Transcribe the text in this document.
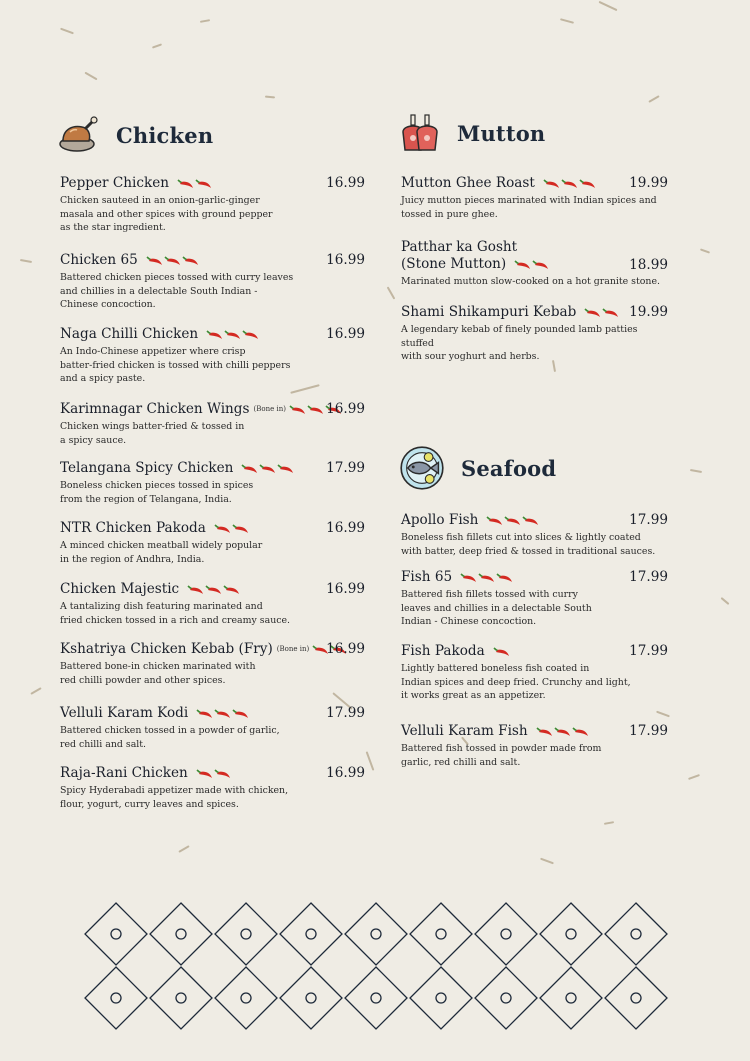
Chicken	Mutton
Seafood
Pepper Chicken	16.99
Chicken sauteed in an onion-garlic-ginger
masala and other spices with ground pepper
as the star ingredient.
Chicken 65	16.99
Battered chicken pieces tossed with curry leaves
and chillies in a delectable South Indian -
Chinese concoction.
Naga Chilli Chicken	16.99
An Indo-Chinese appetizer where crisp
batter-fried chicken is tossed with chilli peppers
and a spicy paste.
Karimnagar Chicken Wings (Bone in)	16.99
Chicken wings batter-fried & tossed in
a spicy sauce.
Telangana Spicy Chicken	17.99
Boneless chicken pieces tossed in spices
from the region of Telangana, India.
NTR Chicken Pakoda	16.99
A minced chicken meatball widely popular
in the region of Andhra, India.
Chicken Majestic	16.99
A tantalizing dish featuring marinated and
fried chicken tossed in a rich and creamy sauce.
Kshatriya Chicken Kebab (Fry) (Bone in) 16.99
Battered bone-in chicken marinated with
red chilli powder and other spices.
Velluli Karam Kodi	17.99
Battered chicken tossed in a powder of garlic,
red chilli and salt.
Raja-Rani Chicken	16.99
Spicy Hyderabadi appetizer made with chicken,
flour, yogurt, curry leaves and spices.
Mutton Ghee Roast	19.99
Juicy mutton pieces marinated with Indian spices and
tossed in pure ghee.
Patthar ka Gosht
(Stone Mutton)	18.99
Marinated mutton slow-cooked on a hot granite stone.
Shami Shikampuri Kebab	19.99
A legendary kebab of finely pounded lamb patties stuffed
with sour yoghurt and herbs.
Apollo Fish	17.99
Boneless fish fillets cut into slices & lightly coated
with batter, deep fried & tossed in traditional sauces.
Fish 65	17.99
Battered fish fillets tossed with curry
leaves and chillies in a delectable South
Indian - Chinese concoction.
Fish Pakoda	17.99
Lightly battered boneless fish coated in
Indian spices and deep fried. Crunchy and light,
it works great as an appetizer.
Velluli Karam Fish	17.99
Battered fish tossed in powder made from
garlic, red chilli and salt.
